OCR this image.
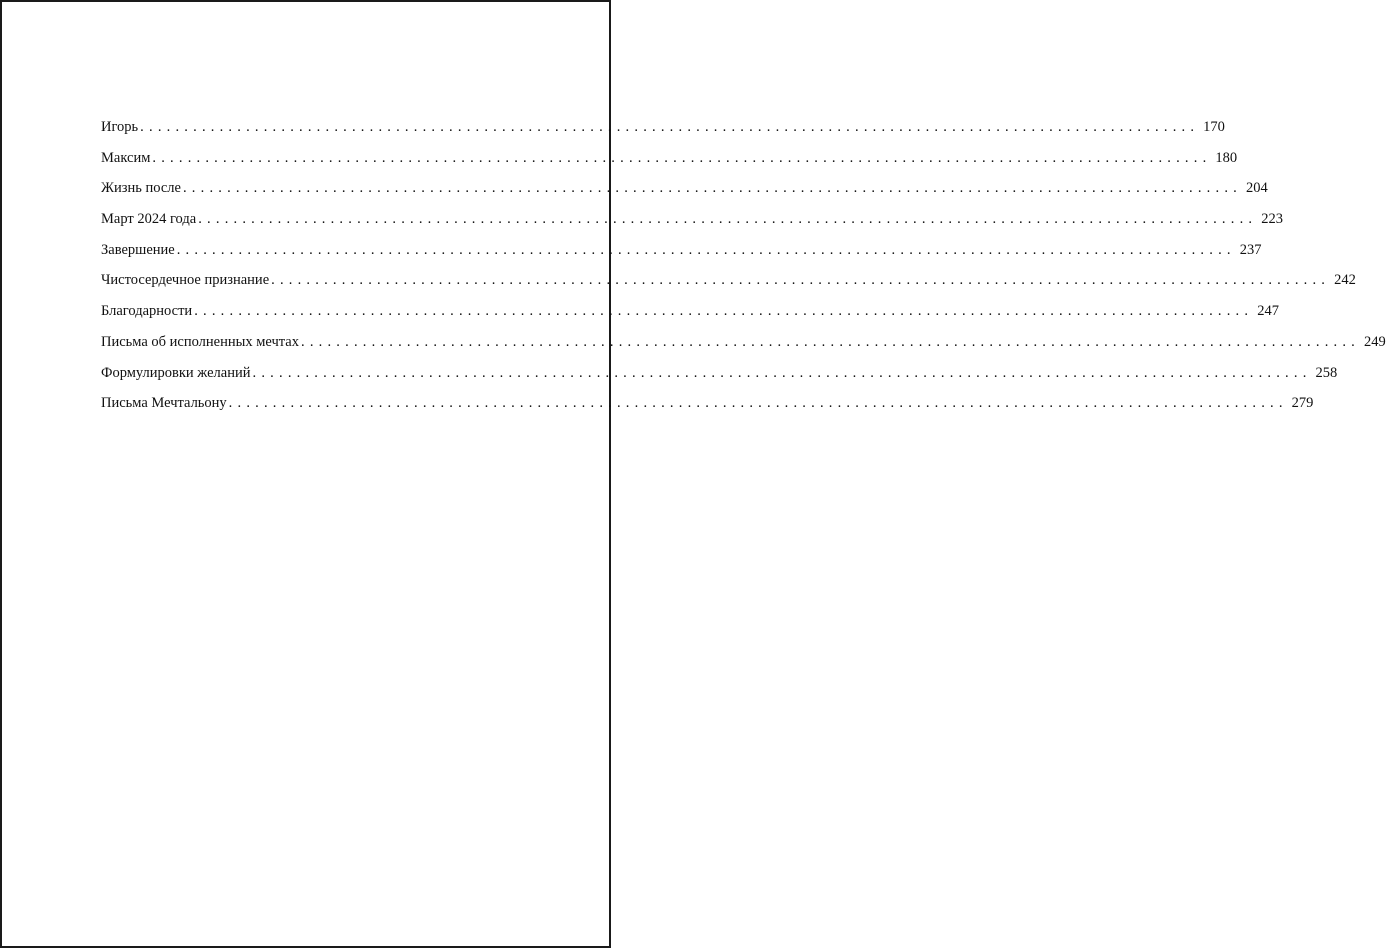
Игорь ........................................................................................................................ 170
Максим ........................................................................................................................ 180
Жизнь после ........................................................................................................................ 204
Март 2024 года ........................................................................................................................ 223
Завершение ........................................................................................................................ 237
Чистосердечное признание ........................................................................................................................ 242
Благодарности ........................................................................................................................ 247
Письма об исполненных мечтах ........................................................................................................................ 249
Формулировки желаний ........................................................................................................................ 258
Письма Мечтальону ........................................................................................................................ 279
